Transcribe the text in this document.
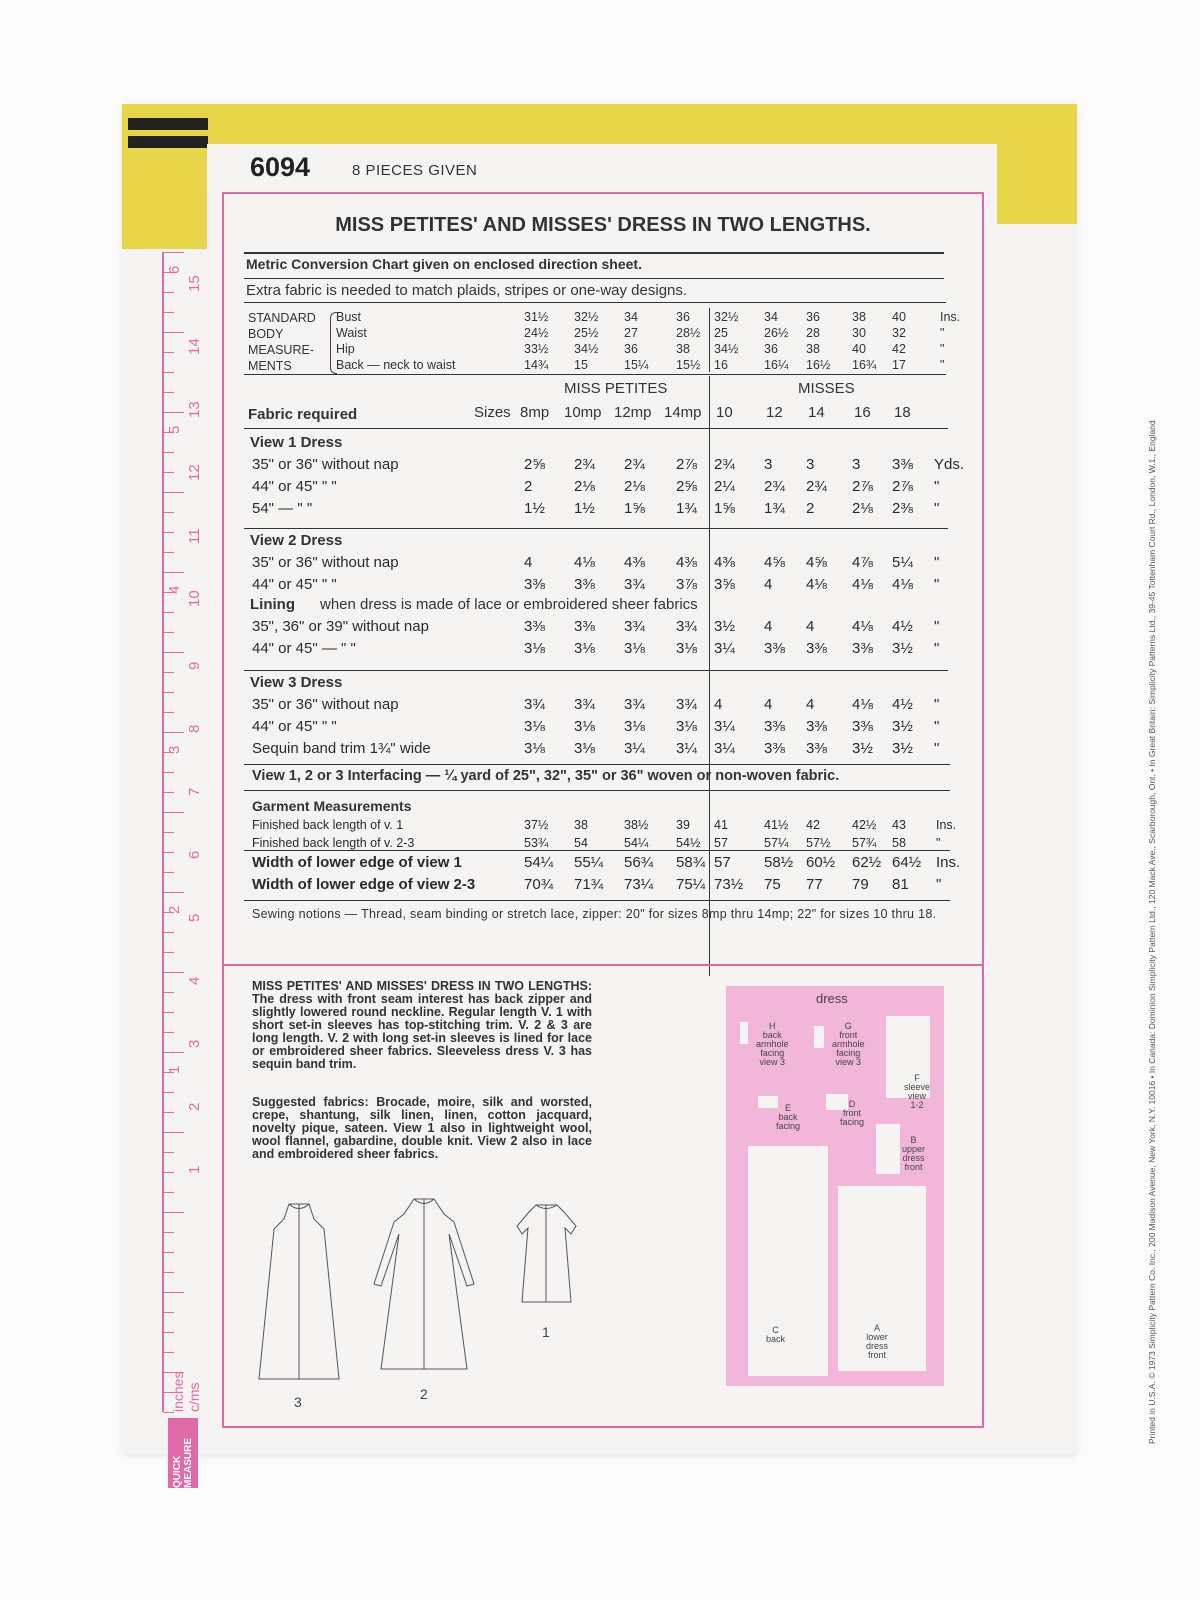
6094	8 PIECES GIVEN
15
14
13
12
11
10
9
8
7
6
5
4
3
2
1
6
5
4
3
2
1
QUICK MEASURE
inches c/ms
MISS PETITES' AND MISSES' DRESS IN TWO LENGTHS.
Metric Conversion Chart given on enclosed direction sheet.
Extra fabric is needed to match plaids, stripes or one-way designs.
STANDARD
BODY
MEASURE-
MENTS
Bust	31½ 32½ 34	36 32½ 34 36	38 40	Ins.
Waist	24½ 25½ 27	28½ 25	26½ 28	30 32	"
Hip	33½ 34½ 36	38 34½ 36 38	40 42	"
Back — neck to waist	14¾ 15	15¼ 15½ 16	16¼ 16½ 16¾ 17	"
MISS PETITES	MISSES
Fabric required	Sizes 8mp 10mp 12mp 14mp 10 12 14 16 18
View 1 Dress
35" or 36" without nap	2⅝ 2¾ 2¾ 2⅞ 2¾ 3 3	3 3⅜ Yds.
44" or 45" " "	2	2⅛ 2⅛ 2⅝ 2¼ 2¾ 2¾ 2⅞ 2⅞ "
54" — " "	1½ 1½ 1⅝ 1¾ 1⅝ 1¾ 2	2⅛ 2⅜ "
View 2 Dress
35" or 36" without nap	4	4⅛ 4⅜ 4⅜ 4⅜ 4⅝ 4⅝ 4⅞ 5¼ "
44" or 45" " "	3⅜ 3⅜ 3¾ 3⅞ 3⅝ 4 4⅛ 4⅛ 4⅛ "
Lining when dress is made of lace or embroidered sheer fabrics
35", 36" or 39" without nap	3⅜ 3⅜ 3¾ 3¾ 3½ 4 4	4⅛ 4½ "
44" or 45" — " "	3⅛ 3⅛ 3⅛ 3⅛ 3¼ 3⅜ 3⅜ 3⅜ 3½ "
View 3 Dress
35" or 36" without nap	3¾ 3¾ 3¾ 3¾ 4	4 4	4⅛ 4½ "
44" or 45" " "	3⅛ 3⅛ 3⅛ 3⅛ 3¼ 3⅜ 3⅜ 3⅜ 3½ "
Sequin band trim 1¾" wide	3⅛ 3⅛ 3¼ 3¼ 3¼ 3⅜ 3⅜ 3½ 3½ "
View 1, 2 or 3 Interfacing — ¼ yard of 25", 32", 35" or 36" woven or non-woven fabric.
Garment Measurements
Finished back length of v. 1	37½ 38	38½ 39 41	41½ 42	42½ 43 Ins.
Finished back length of v. 2-3	53¾ 54	54¼ 54½ 57	57¼ 57½ 57¾ 58 "
Width of lower edge of view 1	54¼ 55¼ 56¾ 58¾ 57 58½ 60½ 62½ 64½ Ins.
Width of lower edge of view 2-3	70¾ 71¾ 73¼ 75¼ 73½ 75 77 79 81 "
Sewing notions — Thread, seam binding or stretch lace, zipper: 20" for sizes 8mp thru 14mp; 22" for sizes 10 thru 18.
MISS PETITES' AND MISSES' DRESS IN TWO LENGTHS: The dress with front seam interest has back zipper and slightly lowered round neckline. Regular length V. 1 with short set-in sleeves has top-stitching trim. V. 2 & 3 are long length. V. 2 with long set-in sleeves is lined for lace or embroidered sheer fabrics. Sleeveless dress V. 3 has sequin band trim.
Suggested fabrics: Brocade, moire, silk and worsted, crepe, shantung, silk linen, linen, cotton jacquard, novelty pique, sateen. View 1 also in lightweight wool, wool flannel, gabardine, double knit. View 2 also in lace and embroidered sheer fabrics.
3	2
1
dress
H
back
armhole
facing
view 3
G
front
armhole
facing
view 3
F
sleeve
view
1-2
E
back
facing
D
front
facing
B
upper
dress
front
C
back
A
lower
dress
front	Printed in U.S.A. © 1973 Simplicity Pattern Co. Inc., 200 Madison Avenue, New York, N.Y. 10016 • In Canada: Dominion Simplicity Pattern Ltd., 120 Mack Ave., Scarborough, Ont. • In Great Britain: Simplicity Patterns Ltd., 39-45 Tottenham Court Rd., London, W.1., England
